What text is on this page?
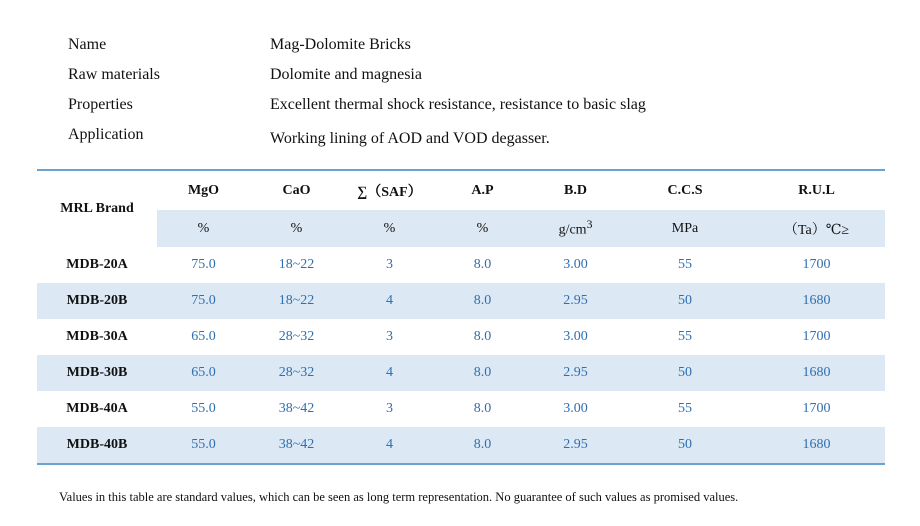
Name	Mag-Dolomite Bricks
Raw materials	Dolomite and magnesia
Properties	Excellent thermal shock resistance, resistance to basic slag
Application	Working lining of AOD and VOD degasser.
MRL Brand	MgO	CaO	∑（SAF）	A.P	B.D	C.C.S	R.U.L
	%	%	%	%	$g/cm^3$	MPa	（Ta）℃≥
MDB-20A	75.0	18~22	3	8.0	3.00	55	1700
MDB-20B	75.0	18~22	4	8.0	2.95	50	1680
MDB-30A	65.0	28~32	3	8.0	3.00	55	1700
MDB-30B	65.0	28~32	4	8.0	2.95	50	1680
MDB-40A	55.0	38~42	3	8.0	3.00	55	1700
MDB-40B	55.0	38~42	4	8.0	2.95	50	1680
Values in this table are standard values, which can be seen as long term representation. No guarantee of such values as promised values.
